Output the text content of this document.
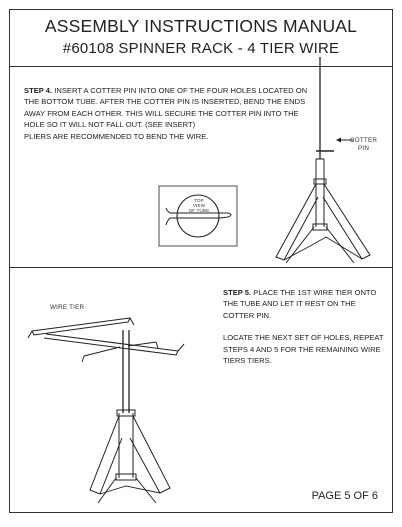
ASSEMBLY INSTRUCTIONS MANUAL
#60108 SPINNER RACK - 4 TIER WIRE
STEP 4. INSERT A COTTER PIN INTO ONE OF THE FOUR HOLES LOCATED ON THE BOTTOM TUBE. AFTER THE COTTER PIN IS INSERTED, BEND THE ENDS AWAY FROM EACH OTHER. THIS WILL SECURE THE COTTER PIN INTO THE HOLE SO IT WILL NOT FALL OUT. (SEE INSERT)
PLIERS ARE RECOMMENDED TO BEND THE WIRE.
TOP VIEW
OF TUBE
COTTER
PIN
STEP 5. PLACE THE 1ST WIRE TIER ONTO THE TUBE AND LET IT REST ON THE COTTER PIN.
LOCATE THE NEXT SET OF HOLES, REPEAT STEPS 4 AND 5 FOR THE REMAINING WIRE TIERS TIERS.
WIRE TIER
PAGE 5 OF 6
